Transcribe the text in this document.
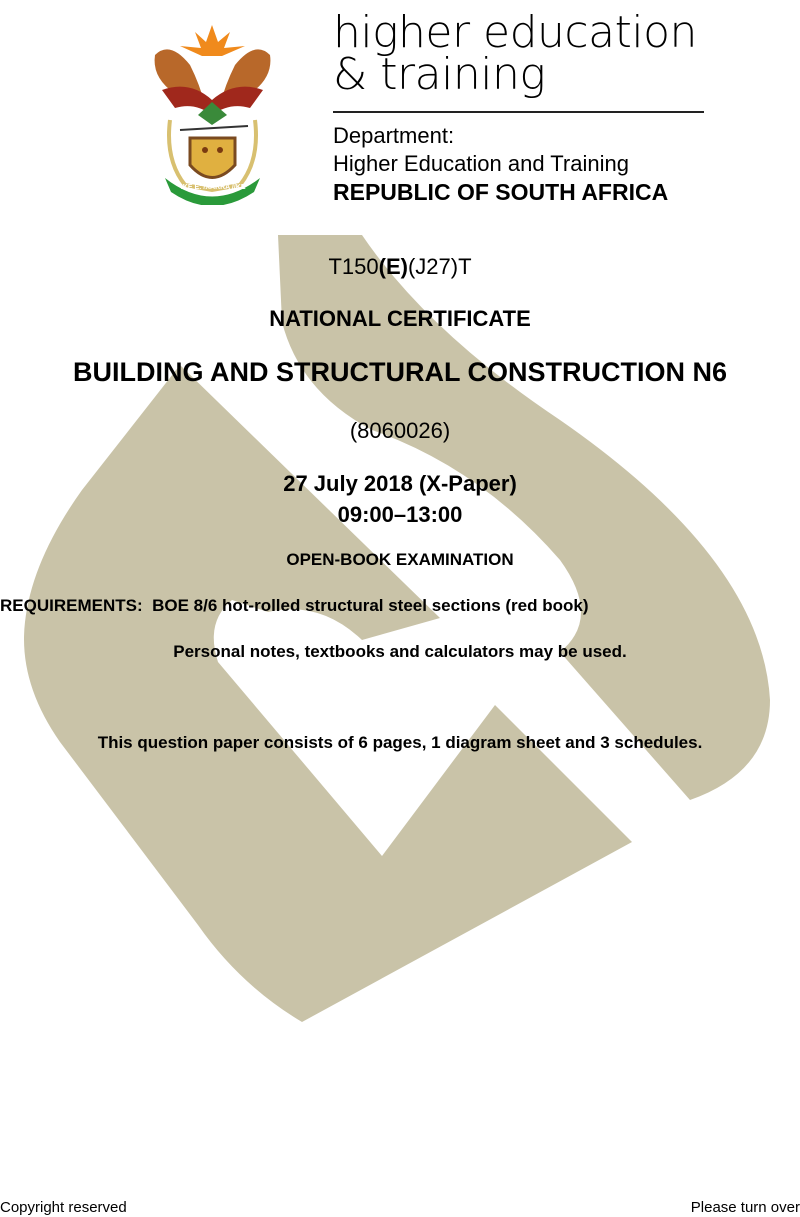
!KE E: /XARRA //KE
higher education
& training
Department:
Higher Education and Training
REPUBLIC OF SOUTH AFRICA
T150(E)(J27)T
NATIONAL CERTIFICATE
BUILDING AND STRUCTURAL CONSTRUCTION N6
(8060026)
27 July 2018 (X-Paper)
09:00–13:00
OPEN-BOOK EXAMINATION
REQUIREMENTS: BOE 8/6 hot-rolled structural steel sections (red book)
Personal notes, textbooks and calculators may be used.
This question paper consists of 6 pages, 1 diagram sheet and 3 schedules.
Copyright reserved	Please turn over
